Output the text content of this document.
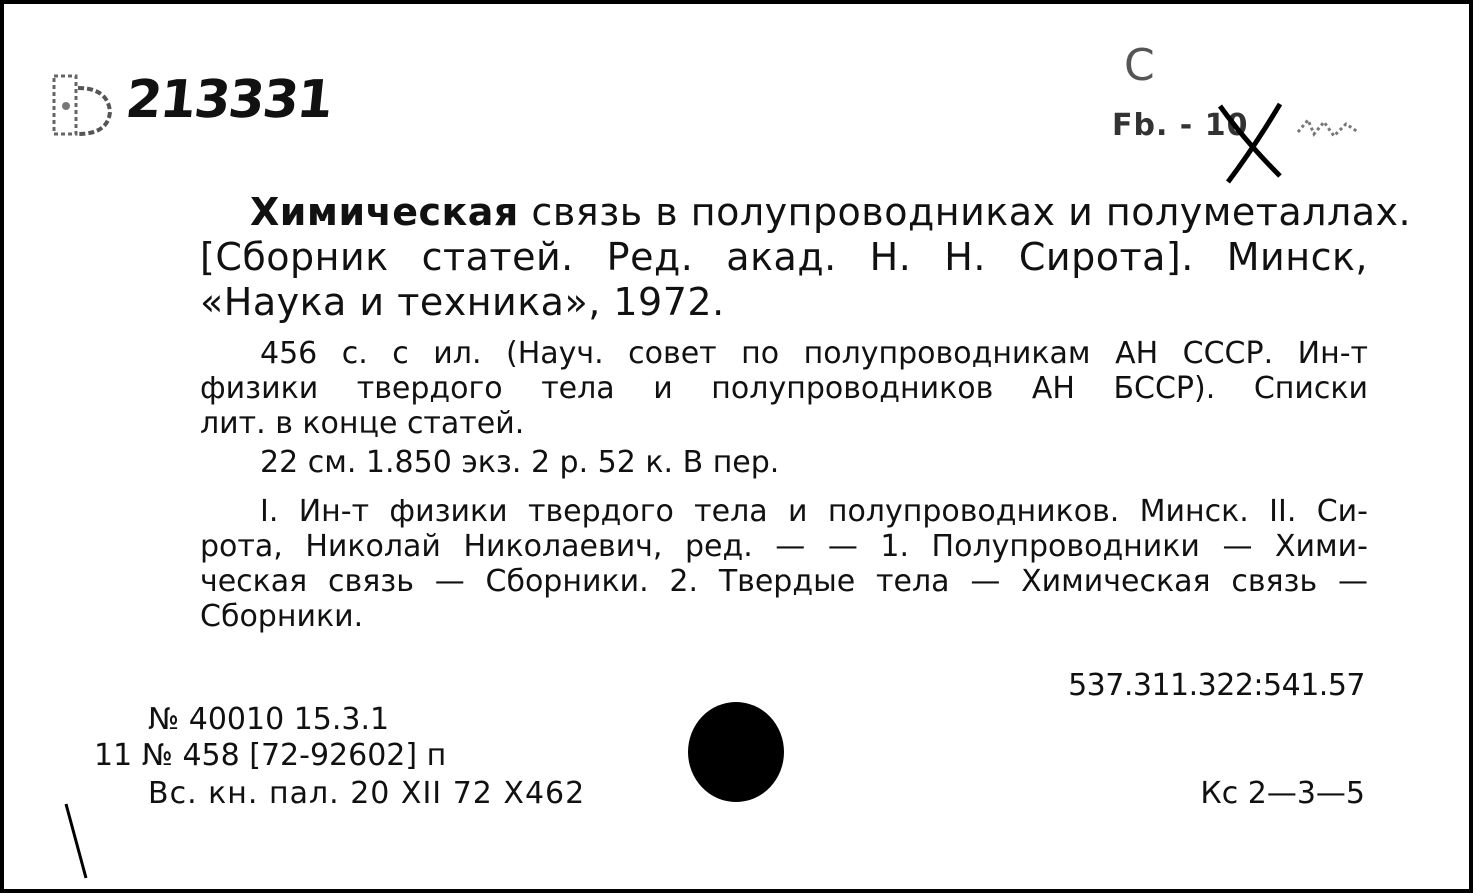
213331
C
Fb. - 10
Химическая связь в полупроводниках и полуметаллах.
[Сборник статей. Ред. акад. Н. Н. Сирота]. Минск,
«Наука и техника», 1972.
456 с. с ил. (Науч. совет по полупроводникам АН СССР. Ин-т
физики твердого тела и полупроводников АН БССР). Списки
лит. в конце статей.
22 см. 1.850 экз. 2 р. 52 к. В пер.
I. Ин-т физики твердого тела и полупроводников. Минск. II. Си-
рота, Николай Николаевич, ред. — — 1. Полупроводники — Хими-
ческая связь — Сборники. 2. Твердые тела — Химическая связь —
Сборники.
537.311.322:541.57
№ 40010 15.3.1
11 № 458 [72-92602] п
Вс. кн. пал. 20 XII 72 X462	Кс 2—3—5
